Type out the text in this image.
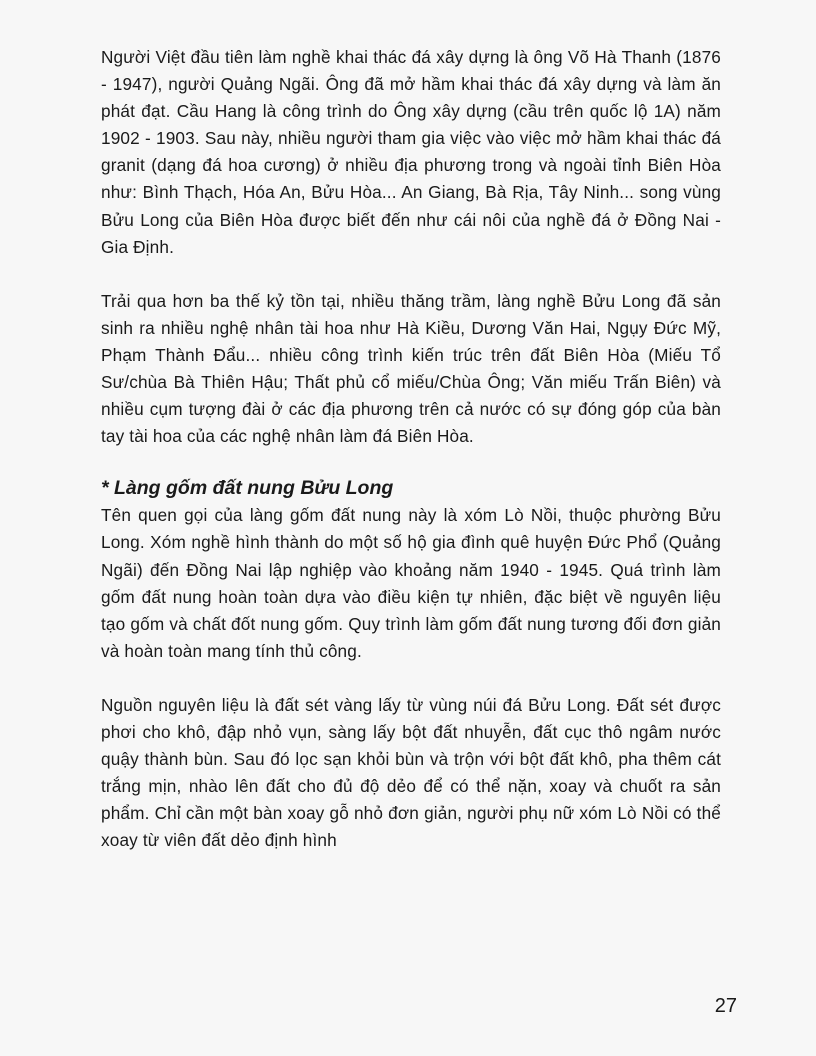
Người Việt đầu tiên làm nghề khai thác đá xây dựng là ông Võ Hà Thanh (1876 - 1947), người Quảng Ngãi. Ông đã mở hầm khai thác đá xây dựng và làm ăn phát đạt. Cầu Hang là công trình do Ông xây dựng (cầu trên quốc lộ 1A) năm 1902 - 1903. Sau này, nhiều người tham gia việc vào việc mở hầm khai thác đá granit (dạng đá hoa cương) ở nhiều địa phương trong và ngoài tỉnh Biên Hòa như: Bình Thạch, Hóa An, Bửu Hòa... An Giang, Bà Rịa, Tây Ninh... song vùng Bửu Long của Biên Hòa được biết đến như cái nôi của nghề đá ở Đồng Nai - Gia Định.

Trải qua hơn ba thế kỷ tồn tại, nhiều thăng trầm, làng nghề Bửu Long đã sản sinh ra nhiều nghệ nhân tài hoa như Hà Kiều, Dương Văn Hai, Ngụy Đức Mỹ, Phạm Thành Đẩu... nhiều công trình kiến trúc trên đất Biên Hòa (Miếu Tổ Sư/chùa Bà Thiên Hậu; Thất phủ cổ miếu/Chùa Ông; Văn miếu Trấn Biên) và nhiều cụm tượng đài ở các địa phương trên cả nước có sự đóng góp của bàn tay tài hoa của các nghệ nhân làm đá Biên Hòa.

* Làng gốm đất nung Bửu Long

Tên quen gọi của làng gốm đất nung này là xóm Lò Nồi, thuộc phường Bửu Long. Xóm nghề hình thành do một số hộ gia đình quê huyện Đức Phổ (Quảng Ngãi) đến Đồng Nai lập nghiệp vào khoảng năm 1940 - 1945. Quá trình làm gốm đất nung hoàn toàn dựa vào điều kiện tự nhiên, đặc biệt về nguyên liệu tạo gốm và chất đốt nung gốm. Quy trình làm gốm đất nung tương đối đơn giản và hoàn toàn mang tính thủ công.

Nguồn nguyên liệu là đất sét vàng lấy từ vùng núi đá Bửu Long. Đất sét được phơi cho khô, đập nhỏ vụn, sàng lấy bột đất nhuyễn, đất cục thô ngâm nước quậy thành bùn. Sau đó lọc sạn khỏi bùn và trộn với bột đất khô, pha thêm cát trắng mịn, nhào lên đất cho đủ độ dẻo để có thể nặn, xoay và chuốt ra sản phẩm. Chỉ cần một bàn xoay gỗ nhỏ đơn giản, người phụ nữ xóm Lò Nồi có thể xoay từ viên đất dẻo định hình

27
